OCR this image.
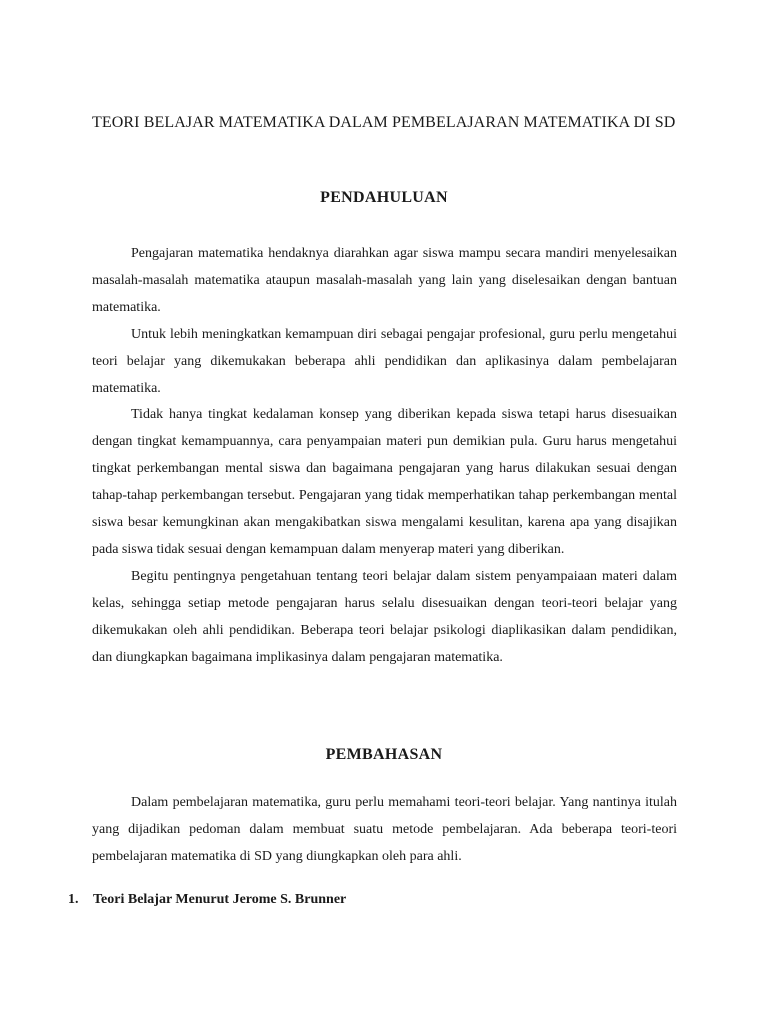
TEORI BELAJAR MATEMATIKA DALAM PEMBELAJARAN MATEMATIKA DI SD
PENDAHULUAN

Pengajaran matematika hendaknya diarahkan agar siswa mampu secara mandiri menyelesaikan masalah-masalah matematika ataupun masalah-masalah yang lain yang diselesaikan dengan bantuan matematika.

Untuk lebih meningkatkan kemampuan diri sebagai pengajar profesional, guru perlu mengetahui teori belajar yang dikemukakan beberapa ahli pendidikan dan aplikasinya dalam pembelajaran matematika.

Tidak hanya tingkat kedalaman konsep yang diberikan kepada siswa tetapi harus disesuaikan dengan tingkat kemampuannya, cara penyampaian materi pun demikian pula. Guru harus mengetahui tingkat perkembangan mental siswa dan bagaimana pengajaran yang harus dilakukan sesuai dengan tahap-tahap perkembangan tersebut. Pengajaran yang tidak memperhatikan tahap perkembangan mental siswa besar kemungkinan akan mengakibatkan siswa mengalami kesulitan, karena apa yang disajikan pada siswa tidak sesuai dengan kemampuan dalam menyerap materi yang diberikan.

Begitu pentingnya pengetahuan tentang teori belajar dalam sistem penyampaiaan materi dalam kelas, sehingga setiap metode pengajaran harus selalu disesuaikan dengan teori-teori belajar yang dikemukakan oleh ahli pendidikan. Beberapa teori belajar psikologi diaplikasikan dalam pendidikan, dan diungkapkan bagaimana implikasinya dalam pengajaran matematika.

PEMBAHASAN

Dalam pembelajaran matematika, guru perlu memahami teori-teori belajar. Yang nantinya itulah yang dijadikan pedoman dalam membuat suatu metode pembelajaran. Ada beberapa teori-teori pembelajaran matematika di SD yang diungkapkan oleh para ahli.

1.	Teori Belajar Menurut Jerome S. Brunner
